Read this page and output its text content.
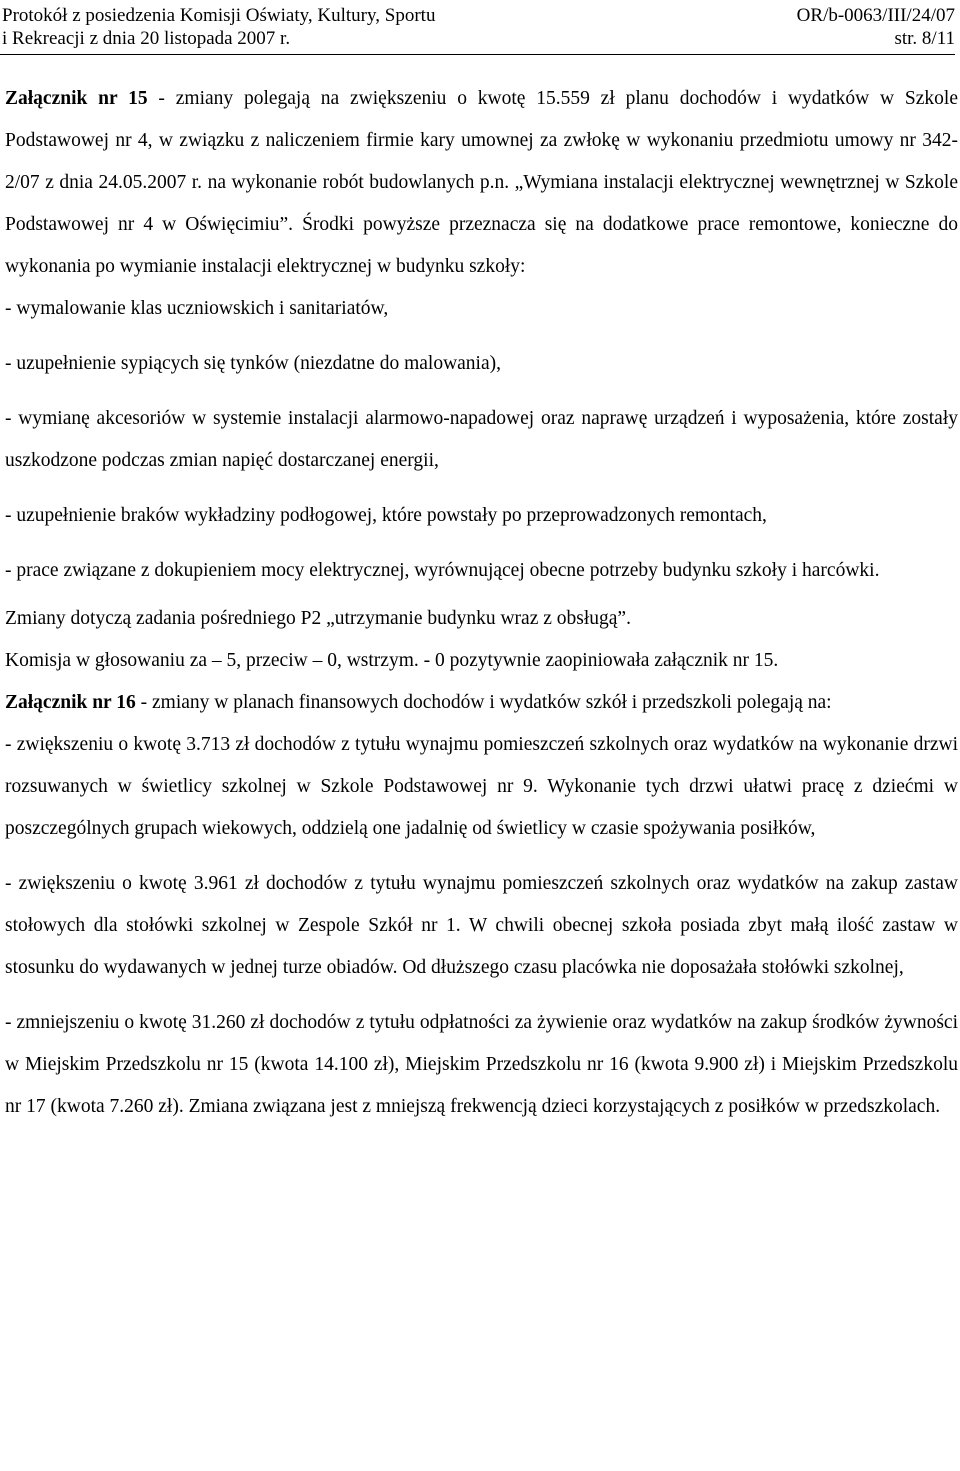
Protokół z posiedzenia Komisji Oświaty, Kultury, Sportu
i Rekreacji z dnia 20 listopada 2007 r.
OR/b-0063/III/24/07
str. 8/11

Załącznik nr 15 - zmiany polegają na zwiększeniu o kwotę 15.559 zł planu dochodów i wydatków w Szkole Podstawowej nr 4, w związku z naliczeniem firmie kary umownej za zwłokę w wykonaniu przedmiotu umowy nr 342-2/07 z dnia 24.05.2007 r. na wykonanie robót budowlanych p.n. „Wymiana instalacji elektrycznej wewnętrznej w Szkole Podstawowej nr 4 w Oświęcimiu”. Środki powyższe przeznacza się na dodatkowe prace remontowe, konieczne do wykonania po wymianie instalacji elektrycznej w budynku szkoły:

- wymalowanie klas uczniowskich i sanitariatów,

- uzupełnienie sypiących się tynków (niezdatne do malowania),

- wymianę akcesoriów w systemie instalacji alarmowo-napadowej oraz naprawę urządzeń i wyposażenia, które zostały uszkodzone podczas zmian napięć dostarczanej energii,

- uzupełnienie braków wykładziny podłogowej, które powstały po przeprowadzonych remontach,

- prace związane z dokupieniem mocy elektrycznej, wyrównującej obecne potrzeby budynku szkoły i harcówki.

Zmiany dotyczą zadania pośredniego P2 „utrzymanie budynku wraz z obsługą”.

Komisja w głosowaniu za – 5, przeciw – 0, wstrzym. - 0 pozytywnie zaopiniowała załącznik nr 15.

Załącznik nr 16 - zmiany w planach finansowych dochodów i wydatków szkół i przedszkoli polegają na:

- zwiększeniu o kwotę 3.713 zł dochodów z tytułu wynajmu pomieszczeń szkolnych oraz wydatków na wykonanie drzwi rozsuwanych w świetlicy szkolnej w Szkole Podstawowej nr 9. Wykonanie tych drzwi ułatwi pracę z dziećmi w poszczególnych grupach wiekowych, oddzielą one jadalnię od świetlicy w czasie spożywania posiłków,

- zwiększeniu o kwotę 3.961 zł dochodów z tytułu wynajmu pomieszczeń szkolnych oraz wydatków na zakup zastaw stołowych dla stołówki szkolnej w Zespole Szkół nr 1. W chwili obecnej szkoła posiada zbyt małą ilość zastaw w stosunku do wydawanych w jednej turze obiadów. Od dłuższego czasu placówka nie doposażała stołówki szkolnej,

- zmniejszeniu o kwotę 31.260 zł dochodów z tytułu odpłatności za żywienie oraz wydatków na zakup środków żywności w Miejskim Przedszkolu nr 15 (kwota 14.100 zł), Miejskim Przedszkolu nr 16 (kwota 9.900 zł) i Miejskim Przedszkolu nr 17 (kwota 7.260 zł). Zmiana związana jest z mniejszą frekwencją dzieci korzystających z posiłków w przedszkolach.
